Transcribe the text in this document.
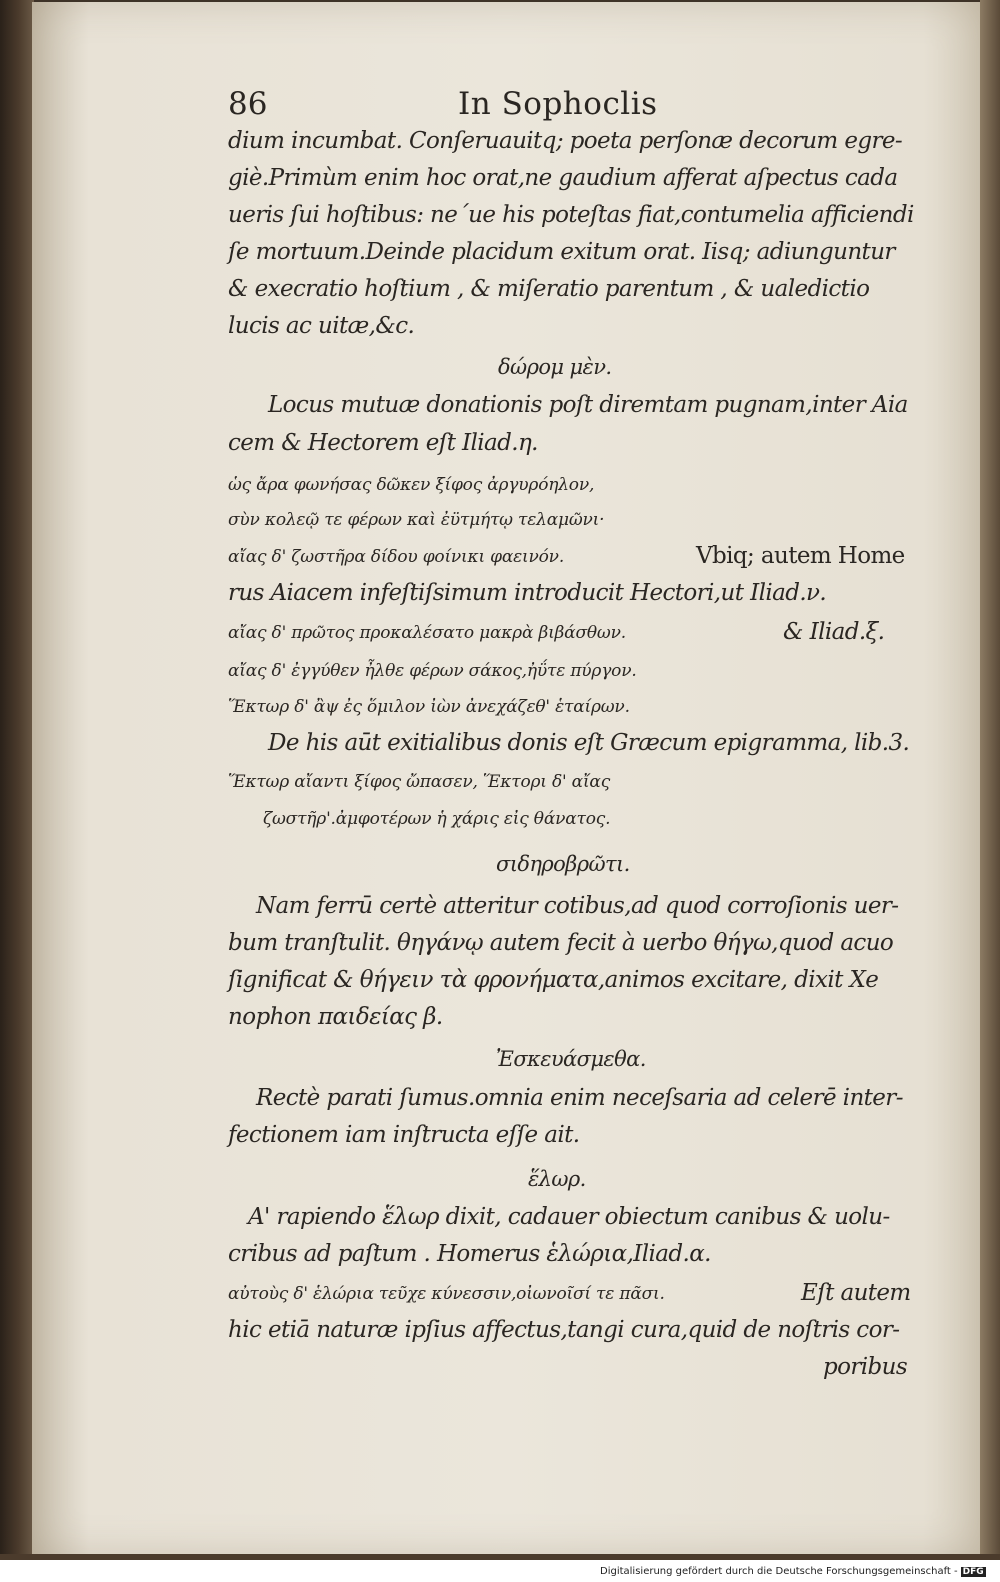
86	In Sophoclis
dium incumbat. Conſeruauitq; poeta perſonæ decorum egre-
giè.Primùm enim hoc orat,ne gaudium afferat aſpectus cada
ueris ſui hoſtibus: ne´ue his poteſtas fiat,contumelia afficiendi
ſe mortuum.Deinde placidum exitum orat. Iisq; adiunguntur
& execratio hoſtium , & miſeratio parentum , & ualedictio
lucis ac uitæ,&c.
δώρομ μὲν.
Locus mutuæ donationis poſt diremtam pugnam,inter Aia
cem & Hectorem eſt Iliad.η.
ὡς ἄρα φωνήσας δῶκεν ξίφος ἀργυρόηλον,
σὺν κολεῷ τε φέρων καὶ ἐϋτμήτῳ τελαμῶνι·
αἴας δ' ζωστῆρα δίδου φοίνικι φαεινόν.	Vbiq; autem Home
rus Aiacem infeſtiſsimum introducit Hectori,ut Iliad.ν.
αἴας δ' πρῶτος προκαλέσατο μακρὰ βιβάσθων.	& Iliad.ξ.
αἴας δ' ἐγγύθεν ἦλθε φέρων σάκος,ἠΰτε πύργον.
Ἕκτωρ δ' ἂψ ἐς ὅμιλον ἰὼν ἀνεχάζεθ' ἑταίρων.
De his aūt exitialibus donis eſt Græcum epigramma, lib.3.
Ἕκτωρ αἴαντι ξίφος ὤπασεν, Ἕκτορι δ' αἴας
ζωστῆρ'.ἀμφοτέρων ἡ χάρις εἰς θάνατος.
σιδηροβρῶτι.
Nam ferrū certè atteritur cotibus,ad quod corroſionis uer-
bum tranſtulit. θηγάνῳ autem fecit à uerbo θήγω,quod acuo
ſignificat & θήγειν τὰ φρονήματα,animos excitare, dixit Xe
nophon παιδείας β.
Ἐσκευάσμεθα.
Rectè parati ſumus.omnia enim neceſsaria ad celerē inter-
fectionem iam inſtructa eſſe ait.
ἕλωρ.
A' rapiendo ἕλωρ dixit, cadauer obiectum canibus & uolu-
cribus ad paſtum . Homerus ἑλώρια,Iliad.α.
αὐτοὺς δ' ἑλώρια τεῦχε κύνεσσιν,οἰωνοῖσί τε πᾶσι.	Eſt autem
hic etiā naturæ ipſius affectus,tangi cura,quid de noſtris cor-
poribus
Digitalisierung gefördert durch die Deutsche Forschungsgemeinschaft - DFG
